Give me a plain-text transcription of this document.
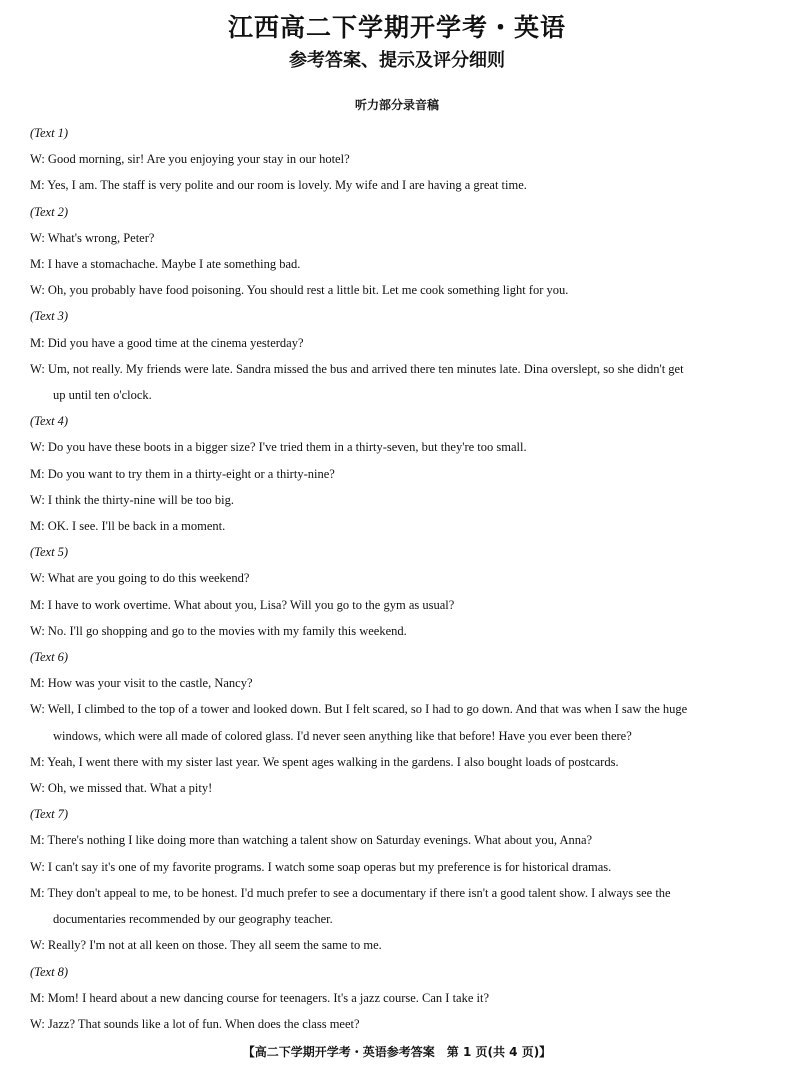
江西高二下学期开学考・英语
参考答案、提示及评分细则
听力部分录音稿
(Text 1)
W: Good morning, sir! Are you enjoying your stay in our hotel?
M: Yes, I am. The staff is very polite and our room is lovely. My wife and I are having a great time.
(Text 2)
W: What's wrong, Peter?
M: I have a stomachache. Maybe I ate something bad.
W: Oh, you probably have food poisoning. You should rest a little bit. Let me cook something light for you.
(Text 3)
M: Did you have a good time at the cinema yesterday?
W: Um, not really. My friends were late. Sandra missed the bus and arrived there ten minutes late. Dina overslept, so she didn't get
up until ten o'clock.
(Text 4)
W: Do you have these boots in a bigger size? I've tried them in a thirty-seven, but they're too small.
M: Do you want to try them in a thirty-eight or a thirty-nine?
W: I think the thirty-nine will be too big.
M: OK. I see. I'll be back in a moment.
(Text 5)
W: What are you going to do this weekend?
M: I have to work overtime. What about you, Lisa? Will you go to the gym as usual?
W: No. I'll go shopping and go to the movies with my family this weekend.
(Text 6)
M: How was your visit to the castle, Nancy?
W: Well, I climbed to the top of a tower and looked down. But I felt scared, so I had to go down. And that was when I saw the huge
windows, which were all made of colored glass. I'd never seen anything like that before! Have you ever been there?
M: Yeah, I went there with my sister last year. We spent ages walking in the gardens. I also bought loads of postcards.
W: Oh, we missed that. What a pity!
(Text 7)
M: There's nothing I like doing more than watching a talent show on Saturday evenings. What about you, Anna?
W: I can't say it's one of my favorite programs. I watch some soap operas but my preference is for historical dramas.
M: They don't appeal to me, to be honest. I'd much prefer to see a documentary if there isn't a good talent show. I always see the
documentaries recommended by our geography teacher.
W: Really? I'm not at all keen on those. They all seem the same to me.
(Text 8)
M: Mom! I heard about a new dancing course for teenagers. It's a jazz course. Can I take it?
W: Jazz? That sounds like a lot of fun. When does the class meet?
【高二下学期开学考・英语参考答案　第 1 页(共 4 页)】
